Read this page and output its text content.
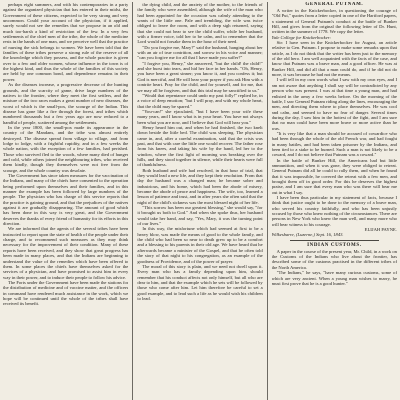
perhaps eight summers, and with his contemporaries in a party against the organized physician that has entered in their midst, the Government of these citizens, expected to be very strong and very uncommon. Could your account of the physician, if it applied, surely would not see the remedies that we propose in an old and much too-harsh a kind of restriction of the few. In a very few settlements of the chief men of the tribe, the whole of the medicine rests in the hands of one man, and we perceive well that the practice of nursing the sick belongs to women. We have been told that the families of these tribes preserve a strong rule of the reserve of all the knowledge which they possess, and the whole practice is given over to a few and older women, whose influence in the town is of the highest kind, and thus the whole of the families of this society are held by one common bond, and dependence remains in their power.

As the diseases increase, a progressive decrease of the hunting grounds, and the scarcity of game, drive large numbers of the natives to the frontier, where they meet the first settlers, and the mixture of the two races makes a great number of new diseases, the worst of which is the small-pox, the scourge of the Indian. This disease has gone like a fire through the forest, and tribes which numbered thousands but a few years ago are now reduced to a handful of people, scattered among the settlements.

In the year 1800, the small-pox made its appearance in the country of the Mandans, and the tribe was almost entirely destroyed. The disease spread from village to village, and from lodge to lodge, with a frightful rapidity, and in a few weeks the whole nation, with the exception of a few families, had perished. Those who survived fled to the woods, where many died of hunger and cold, while others joined the neighbouring tribes, who received them kindly, though they themselves were not free from the scourge, and the whole country was desolate.

The Government has since taken measures for the vaccination of the Indians, and many of the chiefs have consented to the operation being performed upon themselves and their families, and in this manner the example has been followed by large numbers of the people. The physician who has charge of this service reports that the practice is gaining ground, and that the prejudices of the natives against it are gradually disappearing. The amount of good which has been done in this way is very great, and the Government deserves the thanks of every friend of humanity for its efforts in this direction.

We are informed that the agents of the several tribes have been instructed to report upon the state of health of the people under their charge, and to recommend such measures as they may think necessary for the improvement of their condition. Many of these reports have been received, and they show that great progress has been made in many places, and that the Indians are beginning to understand the value of the remedies which have been offered to them. In some places the chiefs have themselves asked for the services of a physician, and have promised to assist him in every way in their power, and to induce their people to follow his advice.

The Forts under the Government have been made the stations for the distribution of medicine and of vaccine matter, and the officers in command have rendered much assistance in the work, which we hope will be continued until the whole of the tribes shall have received its benefit.

the dying child, and the anxiety of the mother, to the friends of the family who were assembled, although the wife of the man who had been appointed for the occasion was calmly attending to the wants of the little one. Pale and trembling, the wife was twice obliged to leave the room, and with a deep sigh returned, saying that she could not bear to see the child suffer, while her husband, with a firmer voice, told her to be calm, and to remember that the Lord would not forsake them in the hour of their need.

"Do you forgive me, Mary?" said the husband, hanging about her with an air of true contrition, and sorrow in his voice and manner; "can you forgive me for all that I have made you suffer?"

"I forgive you, Henry," she answered, "but the child! the child!" and she burst into tears, and hid her face in her hands. "Oh, Henry, you have been a great sinner; you know it, and you confess it; but God is merciful, and He will hear your prayer if you ask Him with a contrite heart. Pray for the child, and for yourself, and for me, that we may all be forgiven, and that this trial may be sanctified to us."

"Would that repentance could undo my past folly!" replied he, in a voice of deep emotion; "but I will pray, and with my whole heart, that the child may be spared."

"You-can!" she ejaculated, "but I have been your wife these many years, and I know what is in your heart. You have not always been what you are now, and I believe that God will hear you."

Henry heard him out, and when he had finished, the two knelt down beside the little bed. The child was sleeping. The physician came in, and, after a careful examination, said that the crisis was past, and that with care the little one would recover. The father rose from his knees, and taking his wife by the hand, led her to the window, where the first light of morning was breaking over the hills, and they stood together in silence, while their hearts were full of thankfulness.

Both husband and wife had resolved, in that hour of trial, that they would lead a new life, and they kept their resolution. From that day the husband was a changed man; he became sober and industrious, and his home, which had been the abode of misery, became the abode of peace and happiness. The wife, too, learned a lesson of patience and trust, and in after years she often said that the night of the child's sickness was the most blessed night of her life.

"This sorrow has been our greatest blessing," she would say, "for it brought us both to God." And when she spoke thus, her husband would take her hand, and say, "Yes, Mary, it was the turning point of our lives."

In this way, the misfortune which had seemed at first to be a heavy blow, was made the means of good to the whole family, and the child who had been so near to death grew up to be a comfort and a blessing to his parents in their old age. We have heard that he afterwards became a minister of the Gospel, and that he often told the story of that night to his congregation, as an example of the goodness of Providence, and of the power of prayer.

The moral of this story is plain, and we need not dwell upon it. Every man who has a family depending upon him, should remember that his conduct affects not only himself, but all who are dear to him, and that the example which he sets will be followed by those who come after him. Let him therefore be careful to set a good example, and to lead such a life as he would wish his children to lead.

GENERAL PUTNAM.

A writer in the Knickerbocker, in questioning the courage of "Old Put," quotes from a letter copied in one of the Hartford papers, a statement of General Putnam's conduct at the battle of Bunker Hill, and gives from the original the following letter of Dr. Hunt, written in the summer of 1778. We copy the letter.

Yale College for Knickerbocker:

Sir: I have seen in the Knickerbocker for August, an article relative to Gen. Putnam. I propose to make some remarks upon that article, as I do not think that the writer has been just to the memory of the old hero. I am well acquainted with the facts of the case, and know that Putnam was a brave man, and a good officer. He was at Bunker Hill, and did all that a man could do, and if he did not do more, it was because he had not the means.

I will tell in my own words what I saw with my own eyes, and I am not aware that anything I shall say will be contradicted by any person who was present. I was at that time a young man, and had enlisted in the army a few weeks before. On the morning of the battle, I saw General Putnam riding along the lines, encouraging the men, and directing them where to place themselves. He was cool and calm, and seemed to have no fear of danger. Several times during the day, I saw him in the hottest of the fight, and I am sure that no man could have been more brave or more active than he was.

"It is very like that a man should be accused of cowardice who had been through the whole of the old French war, and had fought in many battles, and had been taken prisoner by the Indians, and been tied to a stake to be burned. Such a man is not likely to be a coward, and I do not believe that Putnam was a coward."

In the battle of Bunker Hill, the Americans had but little ammunition, and when it was gone, they were obliged to retreat. General Putnam did all he could to rally them, and when he found that it was impossible, he covered the retreat with a few men, and brought them off in good order. For this he deserves the highest praise, and I am sure that every man who was there will bear me out in what I say.

I have been thus particular in my statement of facts, because I think that justice ought to be done to the memory of a brave man, who served his country faithfully, and who has been unjustly accused by those who knew nothing of the circumstances. There are persons in New York who knew the man well, and many more who will bear witness to his courage.

ELIJAH PAYNE.

Wilkesbarre, (Luzerne,) Sept. 16, 1843.

INDIAN CUSTOMS.

A paper in the course of the present year, Mr. Child, in a work on the Customs of the Indians who live about the frontier, has described some of the customs practised in the different tribes of the North America.

"The Indians," he says, "have many curious customs, some of which are very ancient. When a young man wishes to marry, he must first prove that he is a good hunter."
